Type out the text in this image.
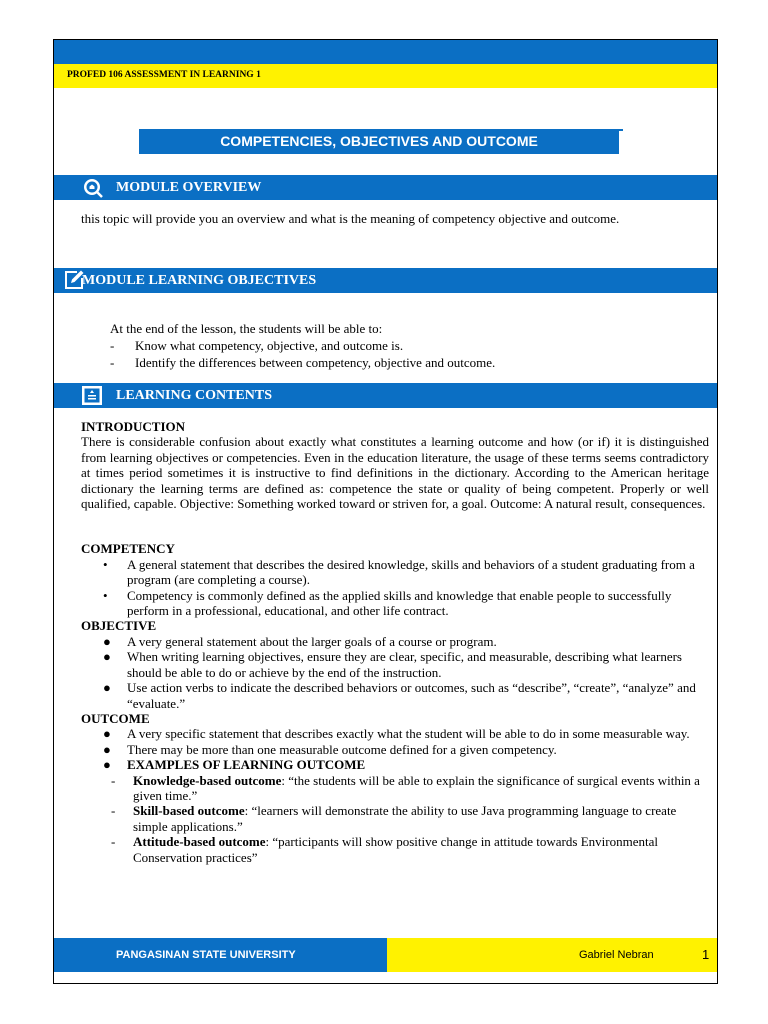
PROFED 106 ASSESSMENT IN LEARNING 1
COMPETENCIES, OBJECTIVES AND OUTCOME
MODULE OVERVIEW
this topic will provide you an overview and what is the meaning of competency objective and outcome.
MODULE LEARNING OBJECTIVES
At the end of the lesson, the students will be able to:
-	Know what competency, objective, and outcome is.
-	Identify the differences between competency, objective and outcome.
LEARNING CONTENTS
INTRODUCTION
There is considerable confusion about exactly what constitutes a learning outcome and how (or if) it is distinguished from learning objectives or competencies. Even in the education literature, the usage of these terms seems contradictory at times period sometimes it is instructive to find definitions in the dictionary. According to the American heritage dictionary the learning terms are defined as: competence the state or quality of being competent. Properly or well qualified, capable. Objective: Something worked toward or striven for, a goal. Outcome: A natural result, consequences.
COMPETENCY
• A general statement that describes the desired knowledge, skills and behaviors of a student graduating from a program (are completing a course).
• Competency is commonly defined as the applied skills and knowledge that enable people to successfully perform in a professional, educational, and other life contract.
OBJECTIVE
● A very general statement about the larger goals of a course or program.
● When writing learning objectives, ensure they are clear, specific, and measurable, describing what learners should be able to do or achieve by the end of the instruction.
● Use action verbs to indicate the described behaviors or outcomes, such as “describe”, “create”, “analyze” and “evaluate.”
OUTCOME
● A very specific statement that describes exactly what the student will be able to do in some measurable way.
● There may be more than one measurable outcome defined for a given competency.
● EXAMPLES OF LEARNING OUTCOME
- Knowledge-based outcome: “the students will be able to explain the significance of surgical events within a given time.”
- Skill-based outcome: “learners will demonstrate the ability to use Java programming language to create simple applications.”
- Attitude-based outcome: “participants will show positive change in attitude towards Environmental Conservation practices”
PANGASINAN STATE UNIVERSITY	Gabriel Nebran	1
